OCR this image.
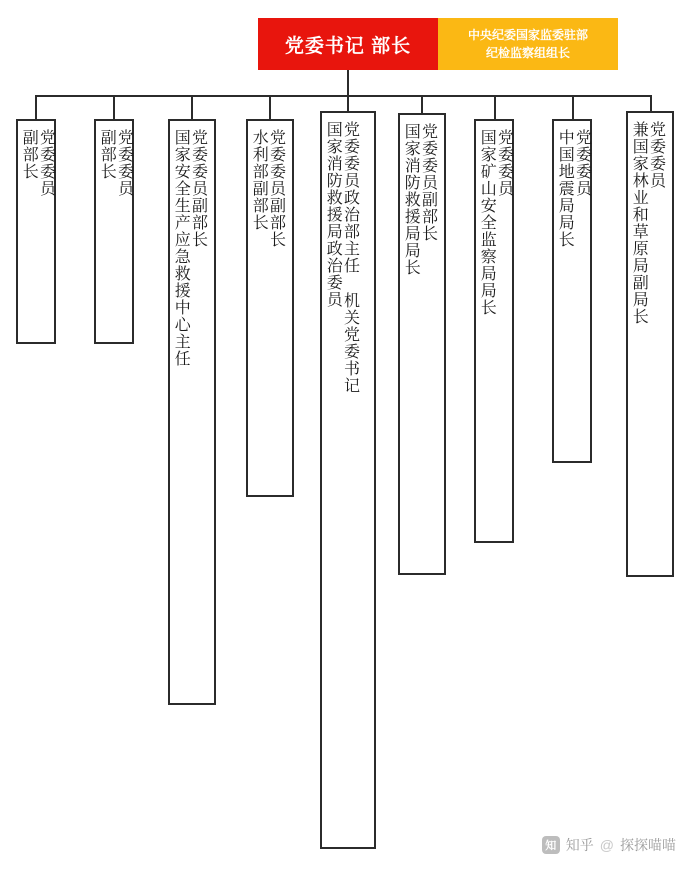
党委书记 部长
中央纪委国家监委驻部
纪检监察组组长
党委委员
副部长	党委委员
副部长	党委委员副部长
国家安全生产应急救援中心主任	党委委员副部长
水利部副部长	党委委员政治部主任 机关党委书记
国家消防救援局政治委员	党委委员副部长
国家消防救援局局长	党委委员
国家矿山安全监察局局长	党委委员
中国地震局局长	党委委员
兼国家林业和草原局副局长
知 知乎 @ 探探喵喵
